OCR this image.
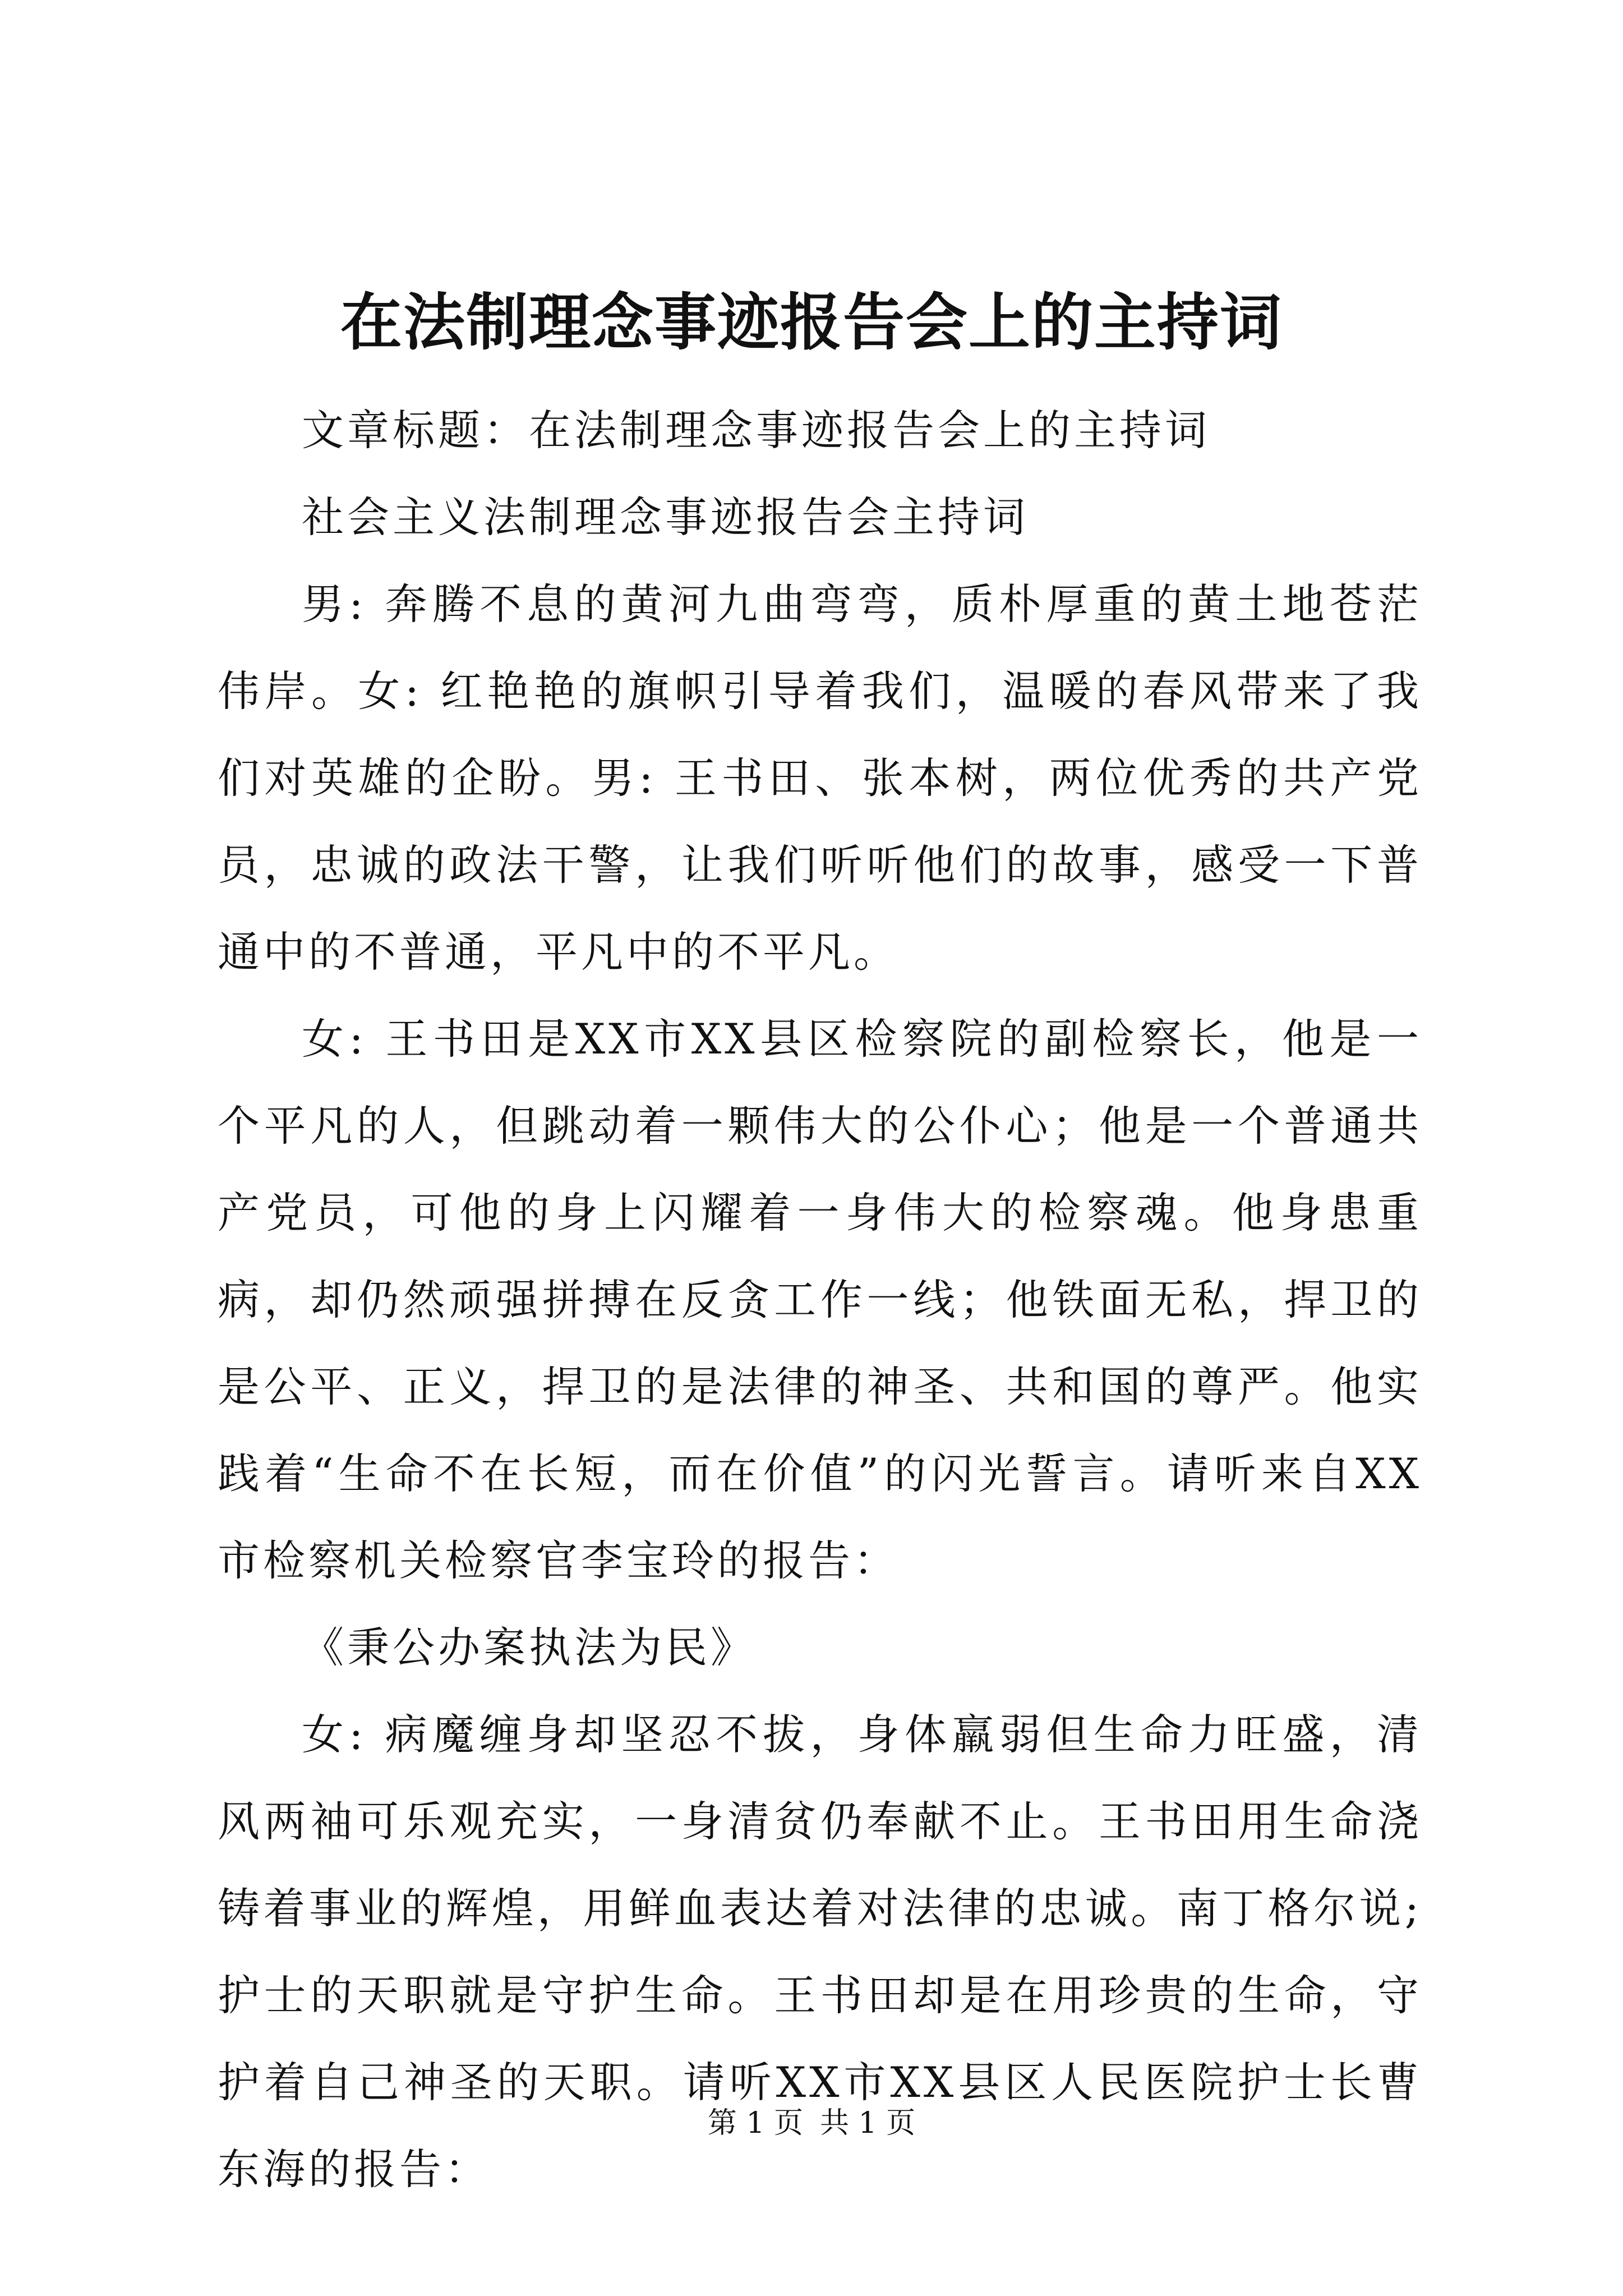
在法制理念事迹报告会上的主持词

文章标题：在法制理念事迹报告会上的主持词

社会主义法制理念事迹报告会主持词

男: 奔腾不息的黄河九曲弯弯，质朴厚重的黄土地苍茫伟岸。女: 红艳艳的旗帜引导着我们，温暖的春风带来了我们对英雄的企盼。男: 王书田、张本树，两位优秀的共产党员，忠诚的政法干警，让我们听听他们的故事，感受一下普通中的不普通，平凡中的不平凡。

女: 王书田是XX市XX县区检察院的副检察长，他是一个平凡的人，但跳动着一颗伟大的公仆心；他是一个普通共产党员，可他的身上闪耀着一身伟大的检察魂。他身患重病，却仍然顽强拼搏在反贪工作一线；他铁面无私，捍卫的是公平、正义，捍卫的是法律的神圣、共和国的尊严。他实践着“生命不在长短，而在价值”的闪光誓言。请听来自XX市检察机关检察官李宝玲的报告：

《秉公办案执法为民》

女: 病魔缠身却坚忍不拔，身体羸弱但生命力旺盛，清风两袖可乐观充实，一身清贫仍奉献不止。王书田用生命浇铸着事业的辉煌，用鲜血表达着对法律的忠诚。南丁格尔说; 护士的天职就是守护生命。王书田却是在用珍贵的生命，守护着自己神圣的天职。请听XX市XX县区人民医院护士长曹东海的报告：

第 1 页 共 1 页
